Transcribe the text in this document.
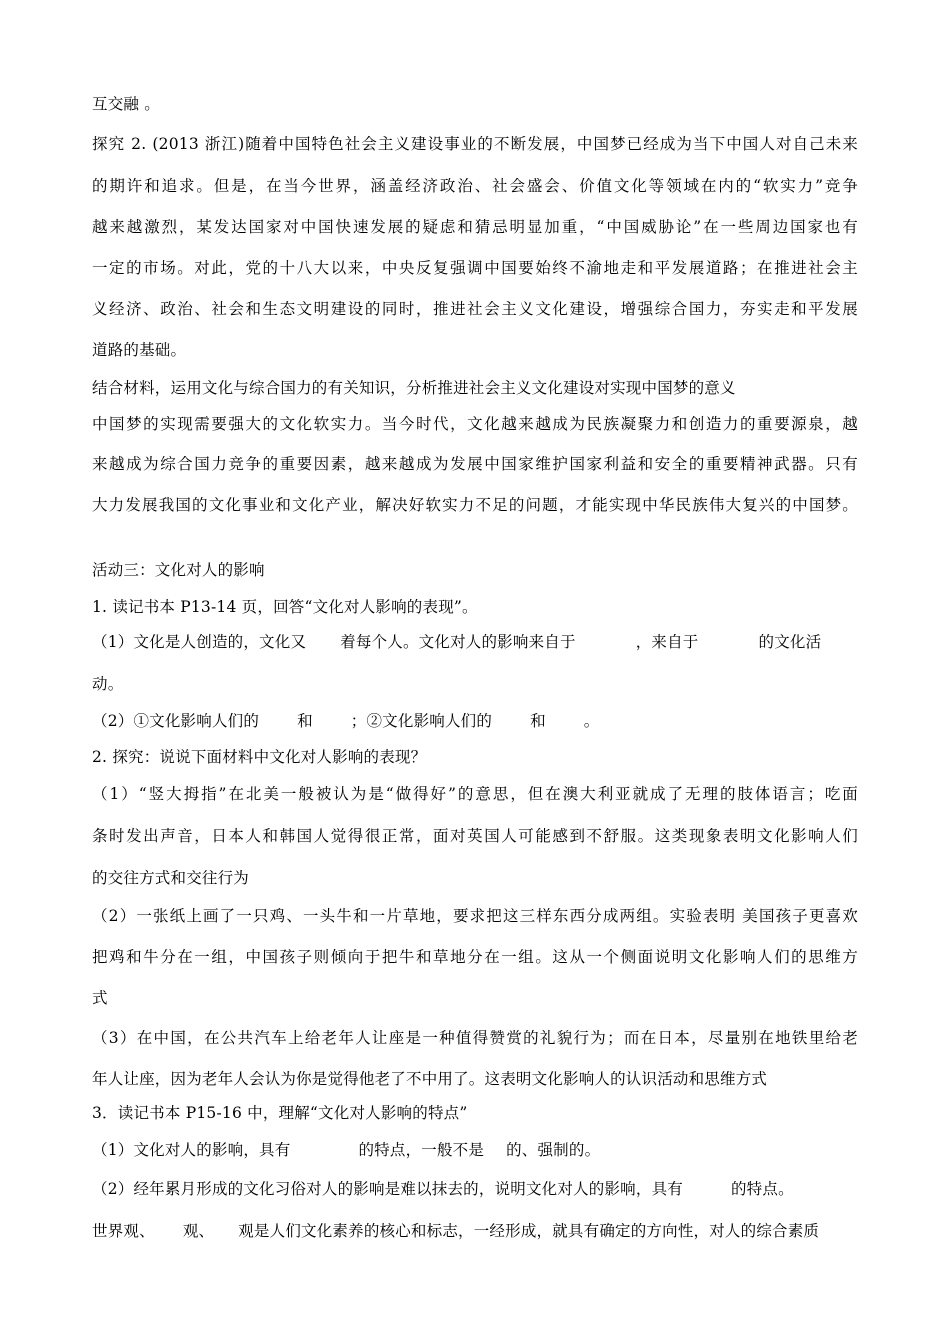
互交融 。
探究 2. (2013 浙江)随着中国特色社会主义建设事业的不断发展，中国梦已经成为当下中国人对自己未来
的期许和追求。但是，在当今世界，涵盖经济政治、社会盛会、价值文化等领域在内的“软实力”竞争
越来越激烈，某发达国家对中国快速发展的疑虑和猜忌明显加重，“中国威胁论”在一些周边国家也有
一定的市场。对此，党的十八大以来，中央反复强调中国要始终不渝地走和平发展道路；在推进社会主
义经济、政治、社会和生态文明建设的同时，推进社会主义文化建设，增强综合国力，夯实走和平发展
道路的基础。
结合材料，运用文化与综合国力的有关知识，分析推进社会主义文化建设对实现中国梦的意义
中国梦的实现需要强大的文化软实力。当今时代，文化越来越成为民族凝聚力和创造力的重要源泉，越
来越成为综合国力竞争的重要因素，越来越成为发展中国家维护国家利益和安全的重要精神武器。只有
大力发展我国的文化事业和文化产业，解决好软实力不足的问题，才能实现中华民族伟大复兴的中国梦。
活动三：文化对人的影响
1. 读记书本 P13-14 页，回答“文化对人影响的表现”。
（1）文化是人创造的，文化又 着每个人。文化对人的影响来自于	，来自于	的文化活
动。
（2）①文化影响人们的 和 ；②文化影响人们的 和 。
2. 探究：说说下面材料中文化对人影响的表现？
（1）“竖大拇指”在北美一般被认为是“做得好”的意思，但在澳大利亚就成了无理的肢体语言；吃面
条时发出声音，日本人和韩国人觉得很正常，面对英国人可能感到不舒服。这类现象表明文化影响人们
的交往方式和交往行为
（2）一张纸上画了一只鸡、一头牛和一片草地，要求把这三样东西分成两组。实验表明 美国孩子更喜欢
把鸡和牛分在一组，中国孩子则倾向于把牛和草地分在一组。这从一个侧面说明文化影响人们的思维方
式
（3）在中国，在公共汽车上给老年人让座是一种值得赞赏的礼貌行为；而在日本，尽量别在地铁里给老
年人让座，因为老年人会认为你是觉得他老了不中用了。这表明文化影响人的认识活动和思维方式
3．读记书本 P15-16 中，理解“文化对人影响的特点”
（1）文化对人的影响，具有	的特点，一般不是 的、强制的。
（2）经年累月形成的文化习俗对人的影响是难以抹去的，说明文化对人的影响，具有	的特点。
世界观、 观、 观是人们文化素养的核心和标志，一经形成，就具有确定的方向性，对人的综合素质
